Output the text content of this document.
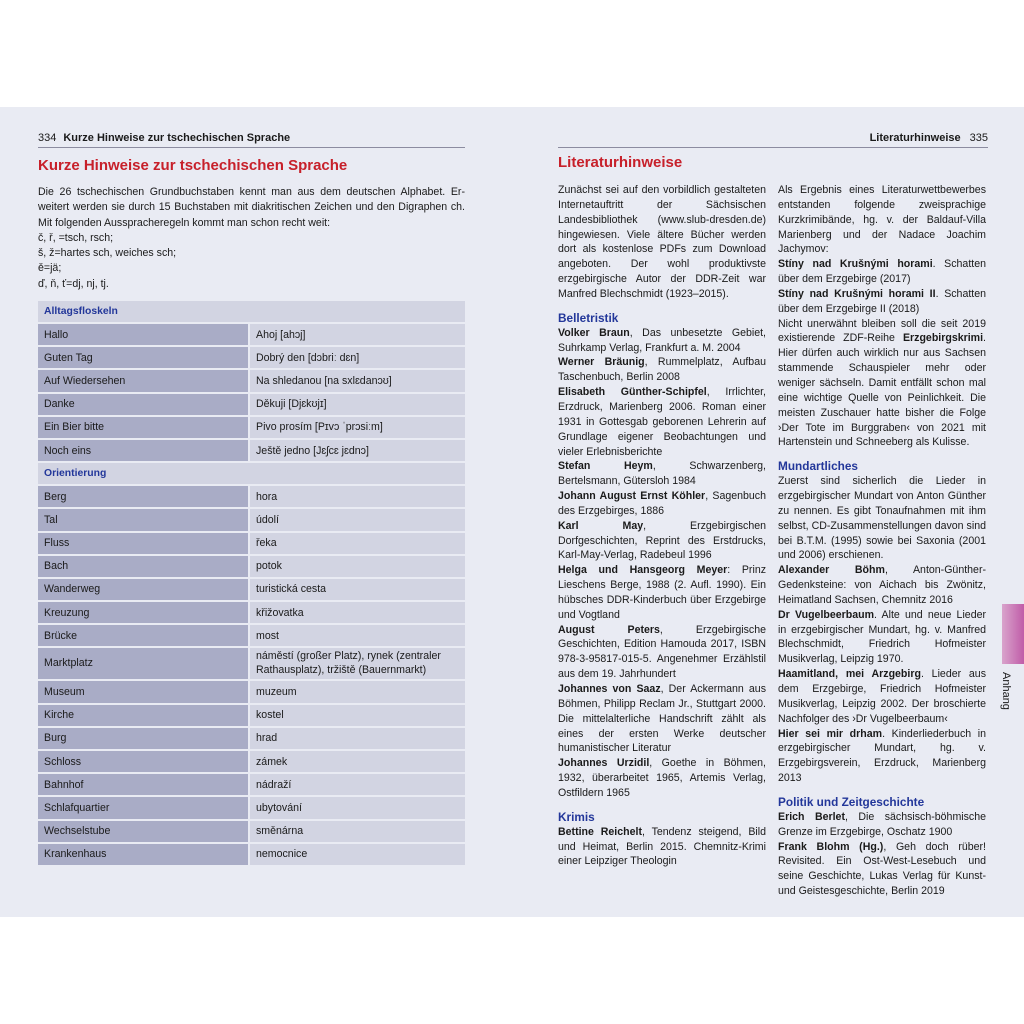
334 Kurze Hinweise zur tschechischen Sprache	Literaturhinweise 335
Kurze Hinweise zur tschechischen Sprache	Literaturhinweise

Die 26 tschechischen Grundbuchstaben kennt man aus dem deutschen Alphabet. Er-weitert werden sie durch 15 Buchstaben mit diakritischen Zeichen und den Digraphen ch. Mit folgenden Ausspracheregeln kommt man schon recht weit:

č, ř, =tsch, rsch;

š, ž=hartes sch, weiches sch;

ě=jä;

ď, ň, ť=dj, nj, tj.

Alltagsfloskeln	
Hallo	Ahoj [ahɔj]
Guten Tag	Dobrý den [dɔbriː dɛn]
Auf Wiedersehen	Na shledanou [na sxlɛdanɔʊ]
Danke	Děkuji [Djɛkʊjɪ]
Ein Bier bitte	Pivo prosím [Pɪvɔ ˈprɔsiːm]
Noch eins	Ještě jedno [Jɛʃcɛ jɛdnɔ]
Orientierung	
Berg	hora
Tal	údolí
Fluss	řeka
Bach	potok
Wanderweg	turistická cesta
Kreuzung	křižovatka
Brücke	most
Marktplatz	náměstí (großer Platz), rynek (zentraler Rathausplatz), tržiště (Bauernmarkt)
Museum	muzeum
Kirche	kostel
Burg	hrad
Schloss	zámek
Bahnhof	nádraží
Schlafquartier	ubytování
Wechselstube	směnárna
Krankenhaus	nemocnice
Zunächst sei auf den vorbildlich gestalteten Internetauftritt der Sächsischen Landesbibliothek (www.slub-dresden.de) hingewiesen. Viele ältere Bücher werden dort als kostenlose PDFs zum Download angeboten. Der wohl produktivste erzgebirgische Autor der DDR-Zeit war Manfred Blechschmidt (1923–2015).
Belletristik
Volker Braun, Das unbesetzte Gebiet, Suhrkamp Verlag, Frankfurt a. M. 2004
Werner Bräunig, Rummelplatz, Aufbau Taschenbuch, Berlin 2008
Elisabeth Günther-Schipfel, Irrlichter, Erzdruck, Marienberg 2006. Roman einer 1931 in Gottesgab geborenen Lehrerin auf Grundlage eigener Beobachtungen und vieler Erlebnisberichte
Stefan Heym, Schwarzenberg, Bertelsmann, Gütersloh 1984
Johann August Ernst Köhler, Sagenbuch des Erzgebirges, 1886
Karl May, Erzgebirgischen Dorfgeschichten, Reprint des Erstdrucks, Karl-May-Verlag, Radebeul 1996
Helga und Hansgeorg Meyer: Prinz Lieschens Berge, 1988 (2. Aufl. 1990). Ein hübsches DDR-Kinderbuch über Erzgebirge und Vogtland
August Peters, Erzgebirgische Geschichten, Edition Hamouda 2017, ISBN 978-3-95817-015-5. Angenehmer Erzählstil aus dem 19. Jahrhundert
Johannes von Saaz, Der Ackermann aus Böhmen, Philipp Reclam Jr., Stuttgart 2000. Die mittelalterliche Handschrift zählt als eines der ersten Werke deutscher humanistischer Literatur
Johannes Urzidil, Goethe in Böhmen, 1932, überarbeitet 1965, Artemis Verlag, Ostfildern 1965
Krimis
Bettine Reichelt, Tendenz steigend, Bild und Heimat, Berlin 2015. Chemnitz-Krimi einer Leipziger Theologin
Als Ergebnis eines Literaturwettbewerbes entstanden folgende zweisprachige Kurzkrimibände, hg. v. der Baldauf-Villa Marienberg und der Nadace Joachim Jachymov:
Stíny nad Krušnými horami. Schatten über dem Erzgebirge (2017)
Stíny nad Krušnými horami II. Schatten über dem Erzgebirge II (2018)
Nicht unerwähnt bleiben soll die seit 2019 existierende ZDF-Reihe Erzgebirgskrimi. Hier dürfen auch wirklich nur aus Sachsen stammende Schauspieler mehr oder weniger sächseln. Damit entfällt schon mal eine wichtige Quelle von Peinlichkeit. Die meisten Zuschauer hatte bisher die Folge ›Der Tote im Burggraben‹ von 2021 mit Hartenstein und Schneeberg als Kulisse.
Mundartliches
Zuerst sind sicherlich die Lieder in erzgebirgischer Mundart von Anton Günther zu nennen. Es gibt Tonaufnahmen mit ihm selbst, CD-Zusammenstellungen davon sind bei B.T.M. (1995) sowie bei Saxonia (2001 und 2006) erschienen.
Alexander Böhm, Anton-Günther-Gedenksteine: von Aichach bis Zwönitz, Heimatland Sachsen, Chemnitz 2016
Dr Vugelbeerbaum. Alte und neue Lieder in erzgebirgischer Mundart, hg. v. Manfred Blechschmidt, Friedrich Hofmeister Musikverlag, Leipzig 1970.
Haamitland, mei Arzgebirg. Lieder aus dem Erzgebirge, Friedrich Hofmeister Musikverlag, Leipzig 2002. Der broschierte Nachfolger des ›Dr Vugelbeerbaum‹
Hier sei mir drham. Kinderliederbuch in erzgebirgischer Mundart, hg. v. Erzgebirgsverein, Erzdruck, Marienberg 2013
Politik und Zeitgeschichte
Erich Berlet, Die sächsisch-böhmische Grenze im Erzgebirge, Oschatz 1900
Frank Blohm (Hg.), Geh doch rüber! Revisited. Ein Ost-West-Lesebuch und seine Geschichte, Lukas Verlag für Kunst- und Geistesgeschichte, Berlin 2019
Anhang
